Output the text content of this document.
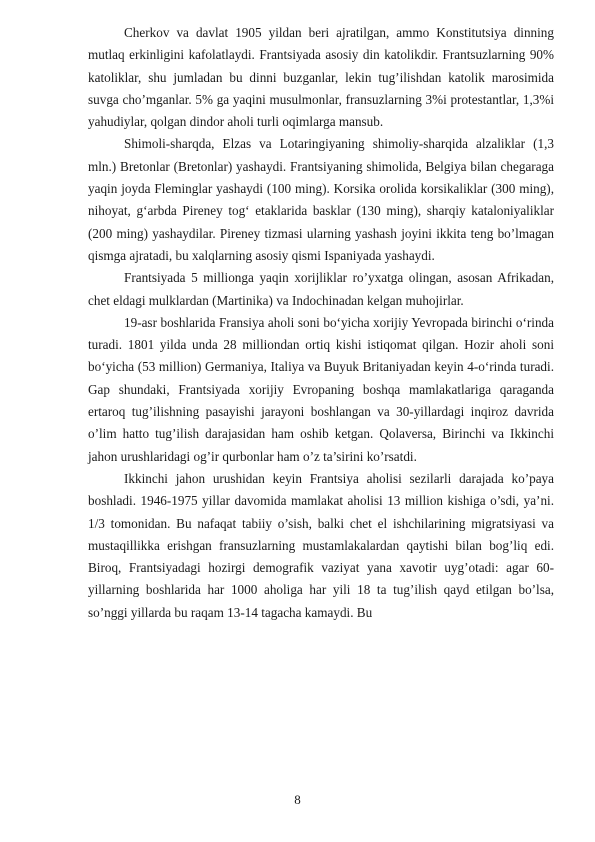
Cherkov va davlat 1905 yildan beri ajratilgan, ammo Konstitutsiya dinning mutlaq erkinligini kafolatlaydi. Frantsiyada asosiy din katolikdir. Frantsuzlarning 90% katoliklar, shu jumladan bu dinni buzganlar, lekin tug’ilishdan katolik marosimida suvga cho’mganlar. 5% ga yaqini musulmonlar, fransuzlarning 3%i protestantlar, 1,3%i yahudiylar, qolgan dindor aholi turli oqimlarga mansub.

Shimoli-sharqda, Elzas va Lotaringiyaning shimoliy-sharqida alzaliklar (1,3 mln.) Bretonlar (Bretonlar) yashaydi. Frantsiyaning shimolida, Belgiya bilan chegaraga yaqin joyda Fleminglar yashaydi (100 ming). Korsika orolida korsikaliklar (300 ming), nihoyat, gʻarbda Pireney togʻ etaklarida basklar (130 ming), sharqiy kataloniyaliklar (200 ming) yashaydilar. Pireney tizmasi ularning yashash joyini ikkita teng bo’lmagan qismga ajratadi, bu xalqlarning asosiy qismi Ispaniyada yashaydi.

Frantsiyada 5 millionga yaqin xorijliklar ro’yxatga olingan, asosan Afrikadan, chet eldagi mulklardan (Martinika) va Indochinadan kelgan muhojirlar.

19-asr boshlarida Fransiya aholi soni boʻyicha xorijiy Yevropada birinchi oʻrinda turadi. 1801 yilda unda 28 milliondan ortiq kishi istiqomat qilgan. Hozir aholi soni boʻyicha (53 million) Germaniya, Italiya va Buyuk Britaniyadan keyin 4-oʻrinda turadi. Gap shundaki, Frantsiyada xorijiy Evropaning boshqa mamlakatlariga qaraganda ertaroq tug’ilishning pasayishi jarayoni boshlangan va 30-yillardagi inqiroz davrida o’lim hatto tug’ilish darajasidan ham oshib ketgan. Qolaversa, Birinchi va Ikkinchi jahon urushlaridagi og’ir qurbonlar ham o’z ta’sirini ko’rsatdi.

Ikkinchi jahon urushidan keyin Frantsiya aholisi sezilarli darajada ko’paya boshladi. 1946-1975 yillar davomida mamlakat aholisi 13 million kishiga o’sdi, ya’ni. 1/3 tomonidan. Bu nafaqat tabiiy o’sish, balki chet el ishchilarining migratsiyasi va mustaqillikka erishgan fransuzlarning mustamlakalardan qaytishi bilan bog’liq edi. Biroq, Frantsiyadagi hozirgi demografik vaziyat yana xavotir uyg’otadi: agar 60-yillarning boshlarida har 1000 aholiga har yili 18 ta tug’ilish qayd etilgan bo’lsa, so’nggi yillarda bu raqam 13-14 tagacha kamaydi. Bu

8
